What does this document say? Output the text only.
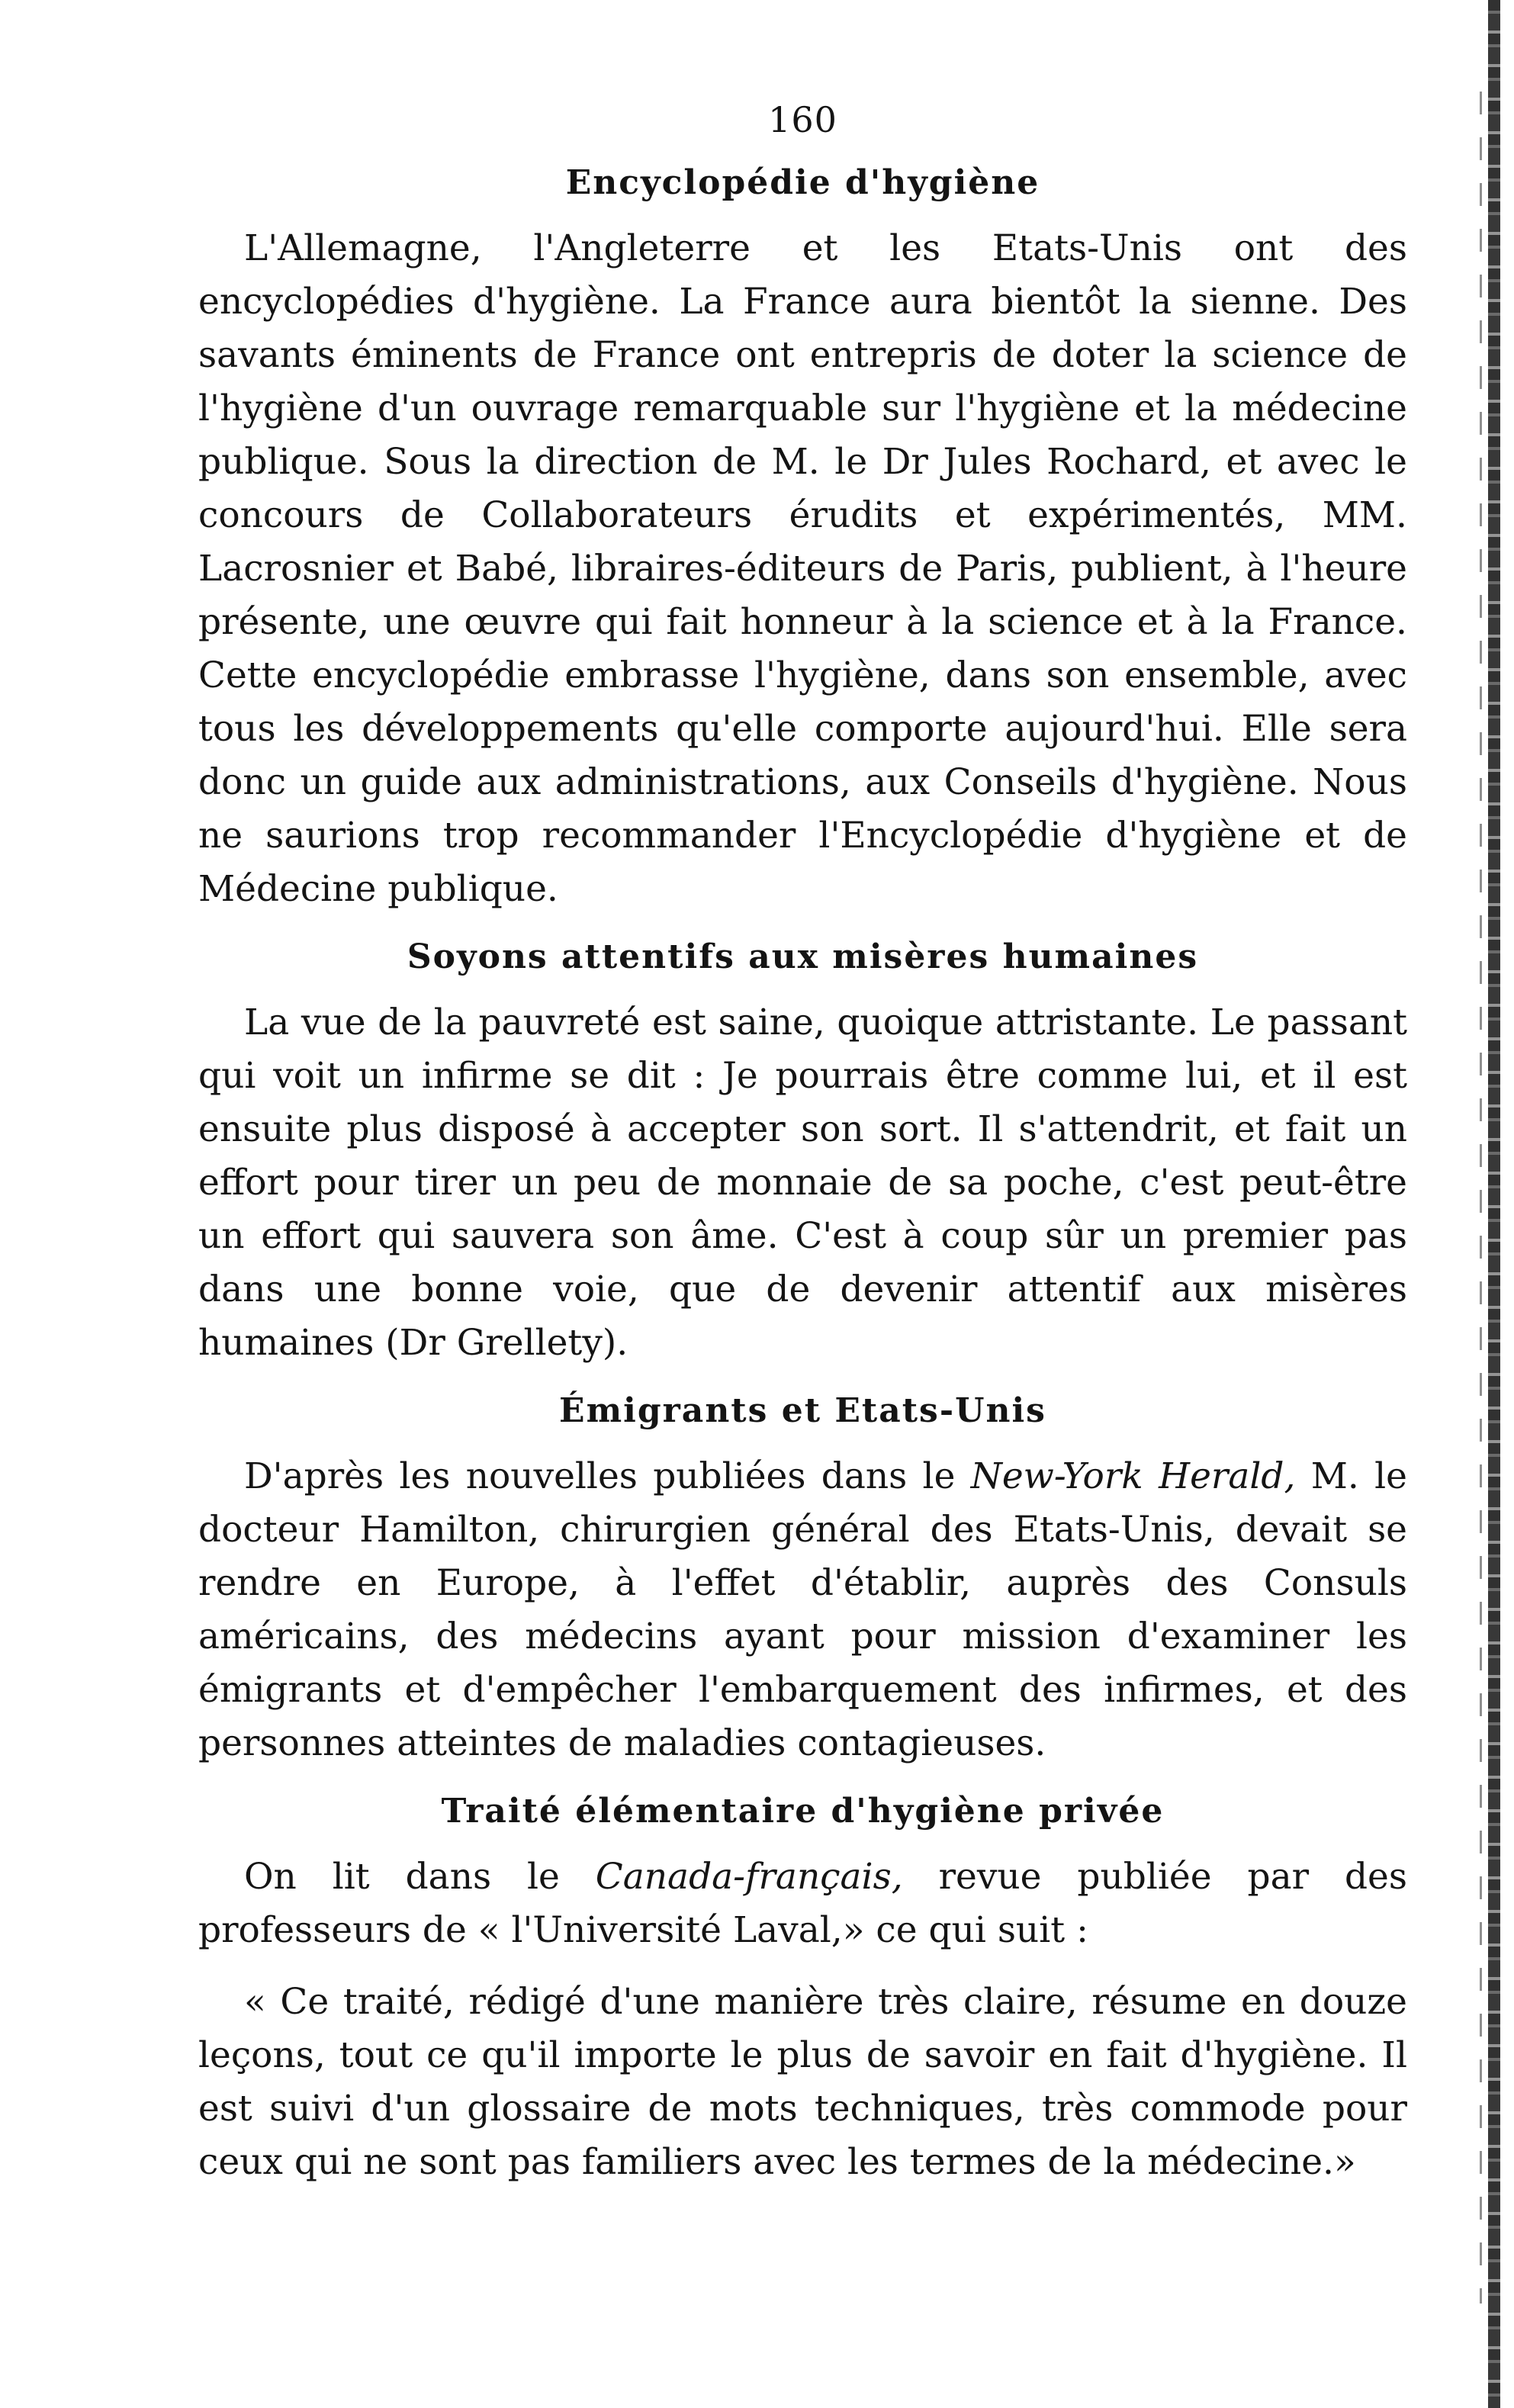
160
Encyclopédie d'hygiène

L'Allemagne, l'Angleterre et les Etats-Unis ont des encyclopédies d'hygiène. La France aura bientôt la sienne. Des savants éminents de France ont entrepris de doter la science de l'hygiène d'un ouvrage remarquable sur l'hygiène et la médecine publique. Sous la direction de M. le Dr Jules Rochard, et avec le concours de Collaborateurs érudits et expérimentés, MM. Lacrosnier et Babé, libraires-éditeurs de Paris, publient, à l'heure présente, une œuvre qui fait honneur à la science et à la France. Cette encyclopédie embrasse l'hygiène, dans son ensemble, avec tous les développements qu'elle comporte aujourd'hui. Elle sera donc un guide aux administrations, aux Conseils d'hygiène. Nous ne saurions trop recommander l'Encyclopédie d'hygiène et de Médecine publique.

Soyons attentifs aux misères humaines

La vue de la pauvreté est saine, quoique attristante. Le passant qui voit un infirme se dit : Je pourrais être comme lui, et il est ensuite plus disposé à accepter son sort. Il s'attendrit, et fait un effort pour tirer un peu de monnaie de sa poche, c'est peut-être un effort qui sauvera son âme. C'est à coup sûr un premier pas dans une bonne voie, que de devenir attentif aux misères humaines (Dr Grellety).

Émigrants et Etats-Unis

D'après les nouvelles publiées dans le New-York Herald, M. le docteur Hamilton, chirurgien général des Etats-Unis, devait se rendre en Europe, à l'effet d'établir, auprès des Consuls américains, des médecins ayant pour mission d'examiner les émigrants et d'empêcher l'embarquement des infirmes, et des personnes atteintes de maladies contagieuses.

Traité élémentaire d'hygiène privée

On lit dans le Canada-français, revue publiée par des professeurs de « l'Université Laval,» ce qui suit :

« Ce traité, rédigé d'une manière très claire, résume en douze leçons, tout ce qu'il importe le plus de savoir en fait d'hygiène. Il est suivi d'un glossaire de mots techniques, très commode pour ceux qui ne sont pas familiers avec les termes de la médecine.»
